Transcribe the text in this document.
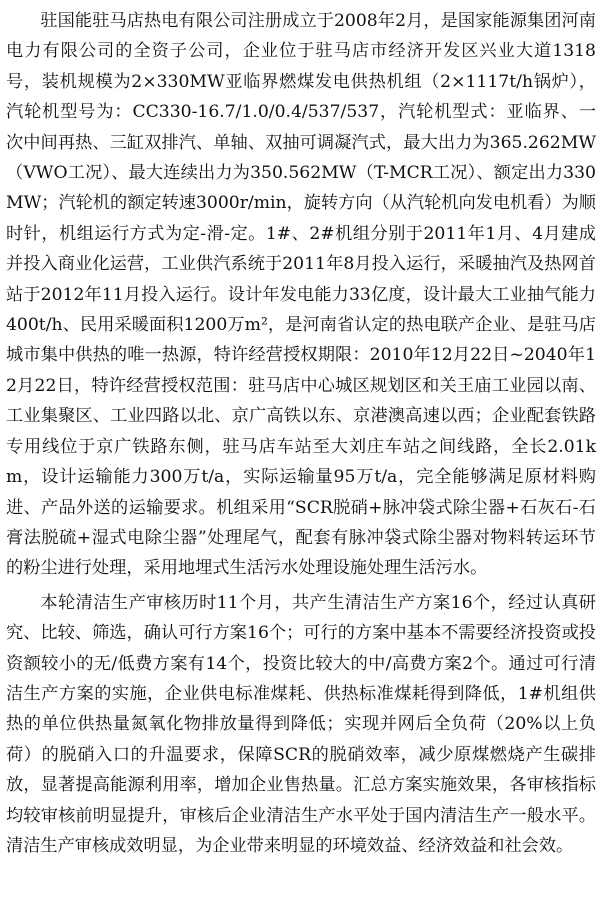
驻国能驻马店热电有限公司注册成立于2008年2月，是国家能源集团河南电力有限公司的全资子公司，企业位于驻马店市经济开发区兴业大道1318号，装机规模为2×330MW亚临界燃煤发电供热机组（2×1117t/h锅炉），汽轮机型号为：CC330-16.7/1.0/0.4/537/537，汽轮机型式：亚临界、一次中间再热、三缸双排汽、单轴、双抽可调凝汽式，最大出力为365.262MW（VWO工况）、最大连续出力为350.562MW（T-MCR工况）、额定出力330MW；汽轮机的额定转速3000r/min，旋转方向（从汽轮机向发电机看）为顺时针，机组运行方式为定-滑-定。1#、2#机组分别于2011年1月、4月建成并投入商业化运营，工业供汽系统于2011年8月投入运行，采暖抽汽及热网首站于2012年11月投入运行。设计年发电能力33亿度，设计最大工业抽气能力400t/h、民用采暖面积1200万m²，是河南省认定的热电联产企业、是驻马店城市集中供热的唯一热源，特许经营授权期限：2010年12月22日~2040年12月22日，特许经营授权范围：驻马店中心城区规划区和关王庙工业园以南、工业集聚区、工业四路以北、京广高铁以东、京港澳高速以西；企业配套铁路专用线位于京广铁路东侧，驻马店车站至大刘庄车站之间线路，全长2.01km，设计运输能力300万t/a，实际运输量95万t/a，完全能够满足原材料购进、产品外送的运输要求。机组采用“SCR脱硝+脉冲袋式除尘器+石灰石-石膏法脱硫+湿式电除尘器”处理尾气，配套有脉冲袋式除尘器对物料转运环节的粉尘进行处理，采用地埋式生活污水处理设施处理生活污水。

本轮清洁生产审核历时11个月，共产生清洁生产方案16个，经过认真研究、比较、筛选，确认可行方案16个；可行的方案中基本不需要经济投资或投资额较小的无/低费方案有14个，投资比较大的中/高费方案2个。通过可行清洁生产方案的实施，企业供电标准煤耗、供热标准煤耗得到降低，1#机组供热的单位供热量氮氧化物排放量得到降低；实现并网后全负荷（20%以上负荷）的脱硝入口的升温要求，保障SCR的脱硝效率，减少原煤燃烧产生碳排放，显著提高能源利用率，增加企业售热量。汇总方案实施效果，各审核指标均较审核前明显提升，审核后企业清洁生产水平处于国内清洁生产一般水平。清洁生产审核成效明显，为企业带来明显的环境效益、经济效益和社会效。
